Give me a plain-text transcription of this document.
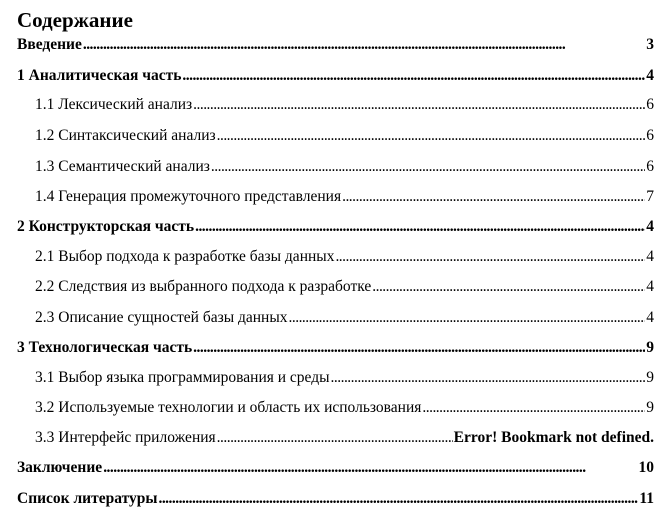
Содержание
Введение . . .	3
1 Аналитическая часть . . .	4
1.1 Лексический анализ . . .	6
1.2 Синтаксический анализ . . .	6
1.3 Семантический анализ . . .	6
1.4 Генерация промежуточного представления . . .	7
2 Конструкторская часть . . .	4
2.1 Выбор подхода к разработке базы данных . . .	4
2.2 Следствия из выбранного подхода к разработке . . .	4
2.3 Описание сущностей базы данных . . .	4
3 Технологическая часть . . .	9
3.1 Выбор языка программирования и среды . . .	9
3.2 Используемые технологии и область их использования . . .	9
3.3 Интерфейс приложения . . .	Error! Bookmark not defined.
Заключение . . .	10
Список литературы . . .	11
